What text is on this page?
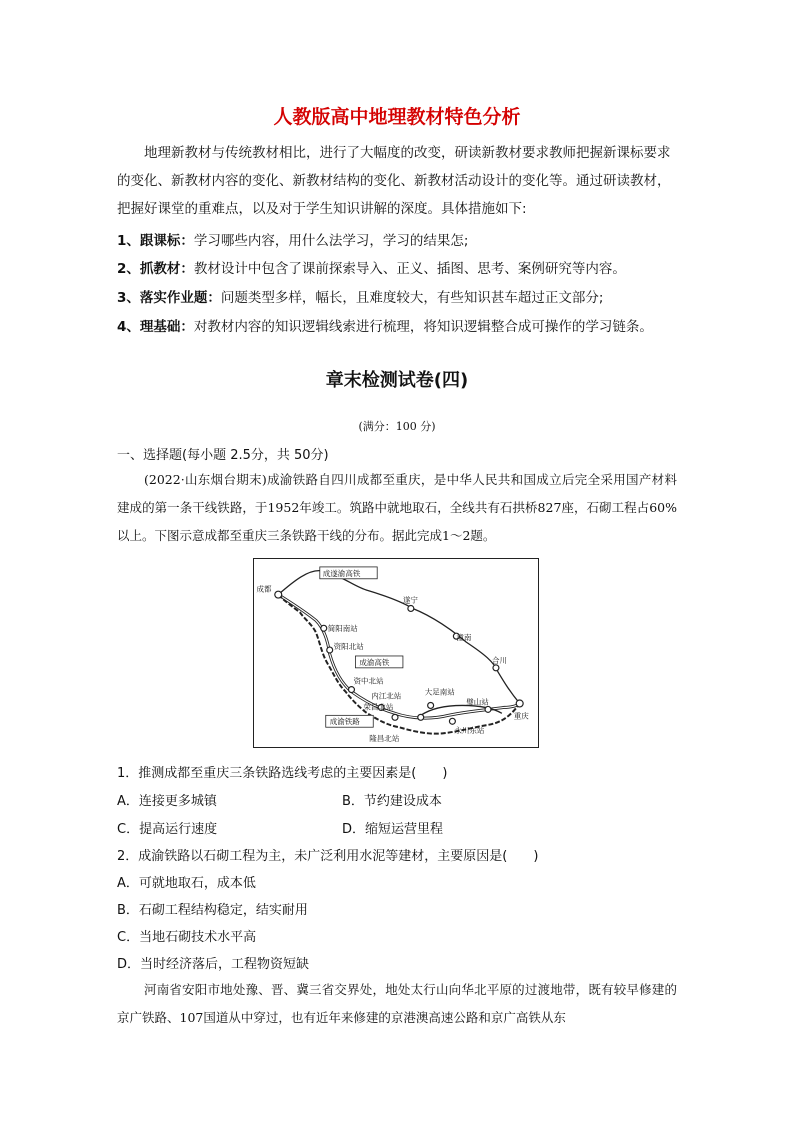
人教版高中地理教材特色分析
地理新教材与传统教材相比，进行了大幅度的改变，研读新教材要求教师把握新课标要求的变化、新教材内容的变化、新教材结构的变化、新教材活动设计的变化等。通过研读教材，把握好课堂的重难点，以及对于学生知识讲解的深度。具体措施如下:
1、跟课标：学习哪些内容，用什么法学习，学习的结果怎;
2、抓教材：教材设计中包含了课前探索导入、正义、插图、思考、案例研究等内容。
3、落实作业题：问题类型多样，幅长，且难度较大，有些知识甚车超过正文部分;
4、理基础：对教材内容的知识逻辑线索进行梳理，将知识逻辑整合成可操作的学习链条。
章末检测试卷(四)
(满分：100 分)
一、选择题(每小题 2.5分，共 50分)
(2022·山东烟台期末)成渝铁路自四川成都至重庆，是中华人民共和国成立后完全采用国产材料建成的第一条干线铁路，于1952年竣工。筑路中就地取石，全线共有石拱桥827座，石砌工程占60%以上。下图示意成都至重庆三条铁路干线的分布。据此完成1～2题。
成遂渝高铁
成渝高铁
成渝铁路
成都
遂宁
潼南
合川
简阳南站
资阳北站
资中北站
内江北站
荣昌北站
隆昌北站
大足南站
璧山站
永川东站
重庆
1．推测成都至重庆三条铁路选线考虑的主要因素是(　　)
A．连接更多城镇	B．节约建设成本
C．提高运行速度	D．缩短运营里程
2．成渝铁路以石砌工程为主，未广泛利用水泥等建材，主要原因是(　　)
A．可就地取石，成本低
B．石砌工程结构稳定，结实耐用
C．当地石砌技术水平高
D．当时经济落后，工程物资短缺
河南省安阳市地处豫、晋、冀三省交界处，地处太行山向华北平原的过渡地带，既有较早修建的京广铁路、107国道从中穿过，也有近年来修建的京港澳高速公路和京广高铁从东
